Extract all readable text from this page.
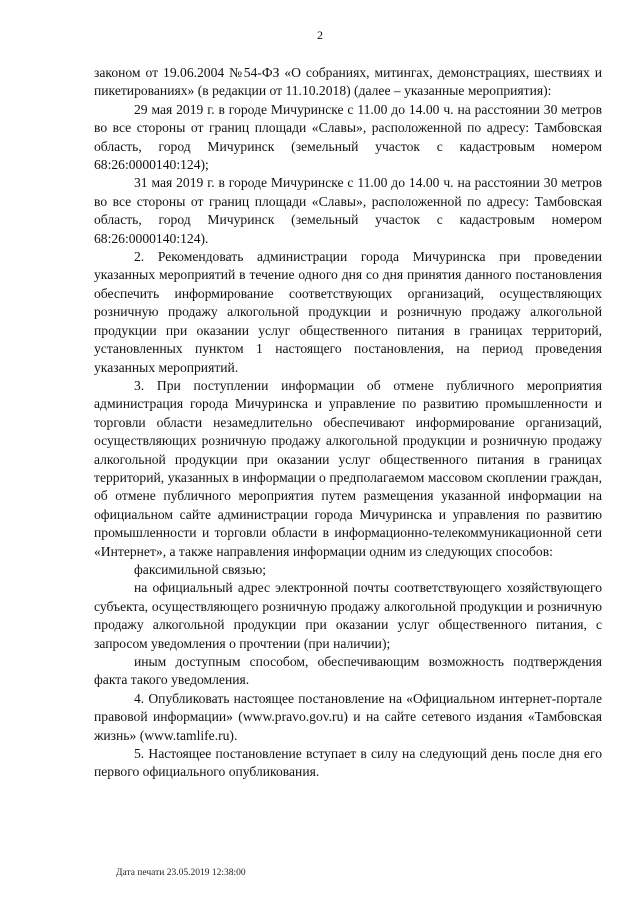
2

законом от 19.06.2004 №54-ФЗ «О собраниях, митингах, демонстрациях, шествиях и пикетированиях» (в редакции от 11.10.2018) (далее – указанные мероприятия):

29 мая 2019 г. в городе Мичуринске с 11.00 до 14.00 ч. на расстоянии 30 метров во все стороны от границ площади «Славы», расположенной по адресу: Тамбовская область, город Мичуринск (земельный участок с кадастровым номером 68:26:0000140:124);

31 мая 2019 г. в городе Мичуринске с 11.00 до 14.00 ч. на расстоянии 30 метров во все стороны от границ площади «Славы», расположенной по адресу: Тамбовская область, город Мичуринск (земельный участок с кадастровым номером 68:26:0000140:124).

2. Рекомендовать администрации города Мичуринска при проведении указанных мероприятий в течение одного дня со дня принятия данного постановления обеспечить информирование соответствующих организаций, осуществляющих розничную продажу алкогольной продукции и розничную продажу алкогольной продукции при оказании услуг общественного питания в границах территорий, установленных пунктом 1 настоящего постановления, на период проведения указанных мероприятий.

3. При поступлении информации об отмене публичного мероприятия администрация города Мичуринска и управление по развитию промышленности и торговли области незамедлительно обеспечивают информирование организаций, осуществляющих розничную продажу алкогольной продукции и розничную продажу алкогольной продукции при оказании услуг общественного питания в границах территорий, указанных в информации о предполагаемом массовом скоплении граждан, об отмене публичного мероприятия путем размещения указанной информации на официальном сайте администрации города Мичуринска и управления по развитию промышленности и торговли области в информационно-телекоммуникационной сети «Интернет», а также направления информации одним из следующих способов:

факсимильной связью;

на официальный адрес электронной почты соответствующего хозяйствующего субъекта, осуществляющего розничную продажу алкогольной продукции и розничную продажу алкогольной продукции при оказании услуг общественного питания, с запросом уведомления о прочтении (при наличии);

иным доступным способом, обеспечивающим возможность подтверждения факта такого уведомления.

4. Опубликовать настоящее постановление на «Официальном интернет-портале правовой информации» (www.pravo.gov.ru) и на сайте сетевого издания «Тамбовская жизнь» (www.tamlife.ru).

5. Настоящее постановление вступает в силу на следующий день после дня его первого официального опубликования.

Дата печати 23.05.2019 12:38:00
